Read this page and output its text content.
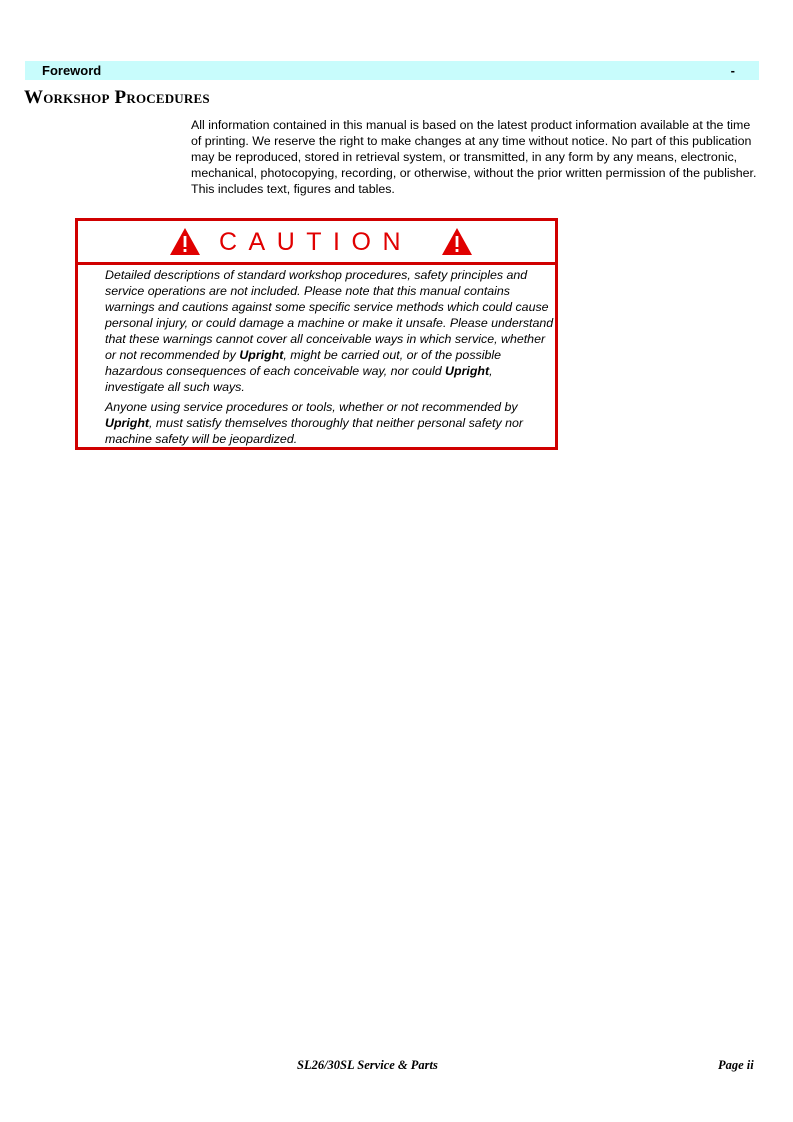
Foreword	-
Workshop Procedures

All information contained in this manual is based on the latest product information available at the time of printing. We reserve the right to make changes at any time without notice. No part of this publication may be reproduced, stored in retrieval system, or transmitted, in any form by any means, electronic, mechanical, photocopying, recording, or otherwise, without the prior written permission of the publisher. This includes text, figures and tables.

CAUTION

Detailed descriptions of standard workshop procedures, safety principles and service operations are not included. Please note that this manual contains warnings and cautions against some specific service methods which could cause personal injury, or could damage a machine or make it unsafe. Please understand that these warnings cannot cover all conceivable ways in which service, whether or not recommended by Upright, might be carried out, or of the possible hazardous consequences of each conceivable way, nor could Upright, investigate all such ways.

Anyone using service procedures or tools, whether or not recommended by Upright, must satisfy themselves thoroughly that neither personal safety nor machine safety will be jeopardized.

SL26/30SL Service & Parts	Page ii
